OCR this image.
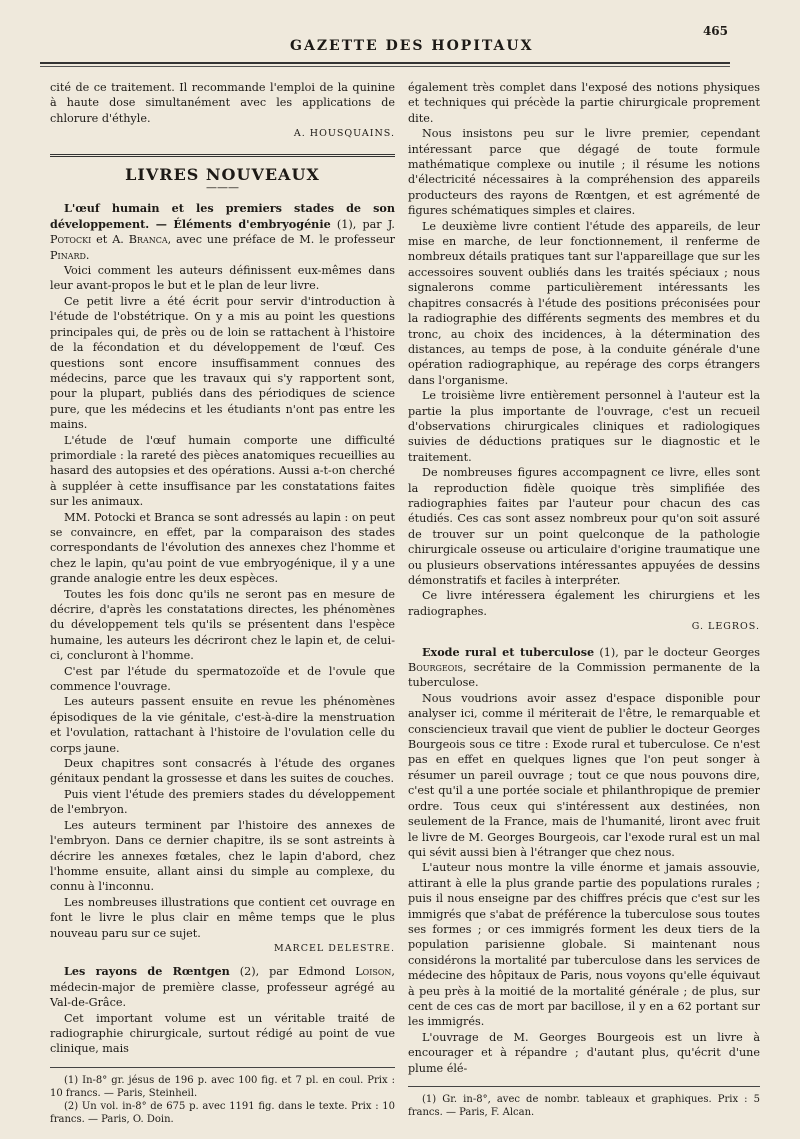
GAZETTE DES HOPITAUX
465

cité de ce traitement. Il recommande l'emploi de la quinine à haute dose simultanément avec les applications de chlorure d'éthyle.

A. HOUSQUAINS.

LIVRES NOUVEAUX
———

L'œuf humain et les premiers stades de son développement. — Éléments d'embryogénie (1), par J. Potocki et A. Branca, avec une préface de M. le professeur Pinard.

Voici comment les auteurs définissent eux-mêmes dans leur avant-propos le but et le plan de leur livre.

Ce petit livre a été écrit pour servir d'introduction à l'étude de l'obstétrique. On y a mis au point les questions principales qui, de près ou de loin se rattachent à l'histoire de la fécondation et du développement de l'œuf. Ces questions sont encore insuffisamment connues des médecins, parce que les travaux qui s'y rapportent sont, pour la plupart, publiés dans des périodiques de science pure, que les médecins et les étudiants n'ont pas entre les mains.

L'étude de l'œuf humain comporte une difficulté primordiale : la rareté des pièces anatomiques recueillies au hasard des autopsies et des opérations. Aussi a-t-on cherché à suppléer à cette insuffisance par les constatations faites sur les animaux.

MM. Potocki et Branca se sont adressés au lapin : on peut se convaincre, en effet, par la comparaison des stades correspondants de l'évolution des annexes chez l'homme et chez le lapin, qu'au point de vue embryogénique, il y a une grande analogie entre les deux espèces.

Toutes les fois donc qu'ils ne seront pas en mesure de décrire, d'après les constatations directes, les phénomènes du développement tels qu'ils se présentent dans l'espèce humaine, les auteurs les décriront chez le lapin et, de celui-ci, concluront à l'homme.

C'est par l'étude du spermatozoïde et de l'ovule que commence l'ouvrage.

Les auteurs passent ensuite en revue les phénomènes épisodiques de la vie génitale, c'est-à-dire la menstruation et l'ovulation, rattachant à l'histoire de l'ovulation celle du corps jaune.

Deux chapitres sont consacrés à l'étude des organes génitaux pendant la grossesse et dans les suites de couches.

Puis vient l'étude des premiers stades du développement de l'embryon.

Les auteurs terminent par l'histoire des annexes de l'embryon. Dans ce dernier chapitre, ils se sont astreints à décrire les annexes fœtales, chez le lapin d'abord, chez l'homme ensuite, allant ainsi du simple au complexe, du connu à l'inconnu.

Les nombreuses illustrations que contient cet ouvrage en font le livre le plus clair en même temps que le plus nouveau paru sur ce sujet.

MARCEL DELESTRE.

Les rayons de Rœntgen (2), par Edmond Loison, médecin-major de première classe, professeur agrégé au Val-de-Grâce.

Cet important volume est un véritable traité de radiographie chirurgicale, surtout rédigé au point de vue clinique, mais

(1) In-8° gr. jésus de 196 p. avec 100 fig. et 7 pl. en coul. Prix : 10 francs. — Paris, Steinheil.

(2) Un vol. in-8° de 675 p. avec 1191 fig. dans le texte. Prix : 10 francs. — Paris, O. Doin.

également très complet dans l'exposé des notions physiques et techniques qui précède la partie chirurgicale proprement dite.

Nous insistons peu sur le livre premier, cependant intéressant parce que dégagé de toute formule mathématique complexe ou inutile ; il résume les notions d'électricité nécessaires à la compréhension des appareils producteurs des rayons de Rœntgen, et est agrémenté de figures schématiques simples et claires.

Le deuxième livre contient l'étude des appareils, de leur mise en marche, de leur fonctionnement, il renferme de nombreux détails pratiques tant sur l'appareillage que sur les accessoires souvent oubliés dans les traités spéciaux ; nous signalerons comme particulièrement intéressants les chapitres consacrés à l'étude des positions préconisées pour la radiographie des différents segments des membres et du tronc, au choix des incidences, à la détermination des distances, au temps de pose, à la conduite générale d'une opération radiographique, au repérage des corps étrangers dans l'organisme.

Le troisième livre entièrement personnel à l'auteur est la partie la plus importante de l'ouvrage, c'est un recueil d'observations chirurgicales cliniques et radiologiques suivies de déductions pratiques sur le diagnostic et le traitement.

De nombreuses figures accompagnent ce livre, elles sont la reproduction fidèle quoique très simplifiée des radiographies faites par l'auteur pour chacun des cas étudiés. Ces cas sont assez nombreux pour qu'on soit assuré de trouver sur un point quelconque de la pathologie chirurgicale osseuse ou articulaire d'origine traumatique une ou plusieurs observations intéressantes appuyées de dessins démonstratifs et faciles à interpréter.

Ce livre intéressera également les chirurgiens et les radiographes.

G. LEGROS.

Exode rural et tuberculose (1), par le docteur Georges Bourgeois, secrétaire de la Commission permanente de la tuberculose.

Nous voudrions avoir assez d'espace disponible pour analyser ici, comme il mériterait de l'être, le remarquable et consciencieux travail que vient de publier le docteur Georges Bourgeois sous ce titre : Exode rural et tuberculose. Ce n'est pas en effet en quelques lignes que l'on peut songer à résumer un pareil ouvrage ; tout ce que nous pouvons dire, c'est qu'il a une portée sociale et philanthropique de premier ordre. Tous ceux qui s'intéressent aux destinées, non seulement de la France, mais de l'humanité, liront avec fruit le livre de M. Georges Bourgeois, car l'exode rural est un mal qui sévit aussi bien à l'étranger que chez nous.

L'auteur nous montre la ville énorme et jamais assouvie, attirant à elle la plus grande partie des populations rurales ; puis il nous enseigne par des chiffres précis que c'est sur les immigrés que s'abat de préférence la tuberculose sous toutes ses formes ; or ces immigrés forment les deux tiers de la population parisienne globale. Si maintenant nous considérons la mortalité par tuberculose dans les services de médecine des hôpitaux de Paris, nous voyons qu'elle équivaut à peu près à la moitié de la mortalité générale ; de plus, sur cent de ces cas de mort par bacillose, il y en a 62 portant sur les immigrés.

L'ouvrage de M. Georges Bourgeois est un livre à encourager et à répandre ; d'autant plus, qu'écrit d'une plume élé-

(1) Gr. in-8°, avec de nombr. tableaux et graphiques. Prix : 5 francs. — Paris, F. Alcan.
